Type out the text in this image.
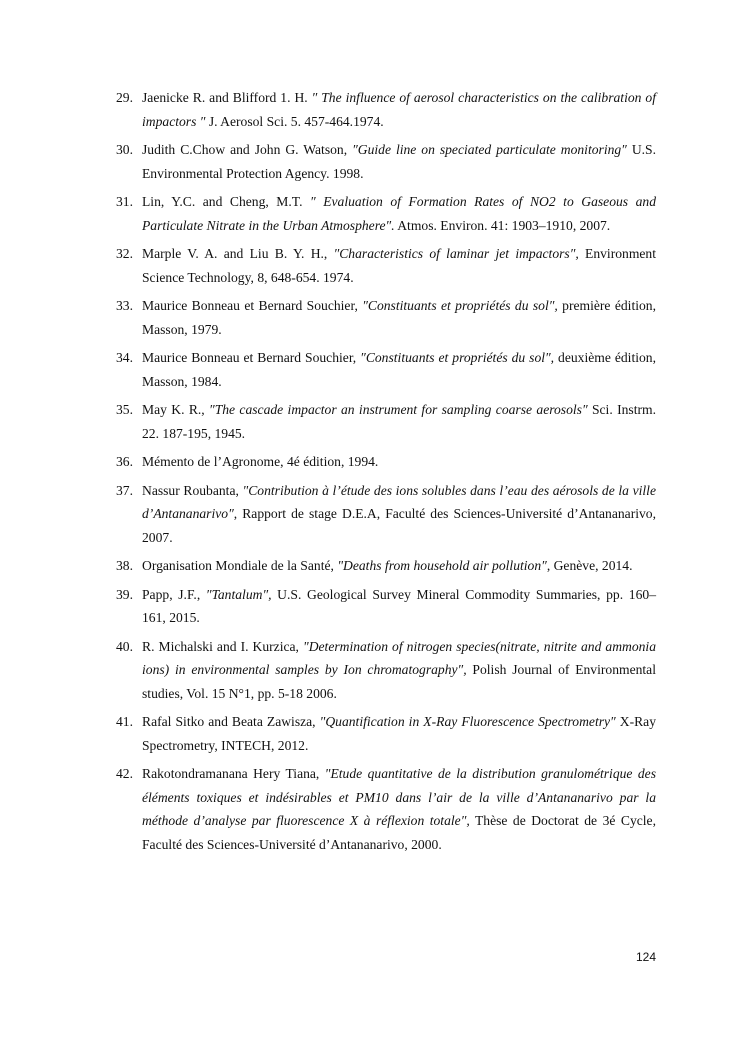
29. Jaenicke R. and Blifford 1. H. ″ The influence of aerosol characteristics on the calibration of impactors ″ J. Aerosol Sci. 5. 457-464.1974.
30. Judith C.Chow and John G. Watson, ″Guide line on speciated particulate monitoring″ U.S. Environmental Protection Agency. 1998.
31. Lin, Y.C. and Cheng, M.T. ″ Evaluation of Formation Rates of NO2 to Gaseous and Particulate Nitrate in the Urban Atmosphere″. Atmos. Environ. 41: 1903–1910, 2007.
32. Marple V. A. and Liu B. Y. H., ″Characteristics of laminar jet impactors″, Environment Science Technology, 8, 648-654. 1974.
33. Maurice Bonneau et Bernard Souchier, ″Constituants et propriétés du sol″, première édition, Masson, 1979.
34. Maurice Bonneau et Bernard Souchier, ″Constituants et propriétés du sol″, deuxième édition, Masson, 1984.
35. May K. R., ″The cascade impactor an instrument for sampling coarse aerosols″ Sci. Instrm. 22. 187-195, 1945.
36. Mémento de l’Agronome, 4é édition, 1994.
37. Nassur Roubanta, "Contribution à l’étude des ions solubles dans l’eau des aérosols de la ville d’Antananarivo″, Rapport de stage D.E.A, Faculté des Sciences-Université d’Antananarivo, 2007.
38. Organisation Mondiale de la Santé, "Deaths from household air pollution″, Genève, 2014.
39. Papp, J.F., ″Tantalum″, U.S. Geological Survey Mineral Commodity Summaries, pp. 160–161, 2015.
40. R. Michalski and I. Kurzica, "Determination of nitrogen species(nitrate, nitrite and ammonia ions) in environmental samples by Ion chromatography″, Polish Journal of Environmental studies, Vol. 15 N°1, pp. 5-18 2006.
41. Rafal Sitko and Beata Zawisza, "Quantification in X-Ray Fluorescence Spectrometry″ X-Ray Spectrometry, INTECH, 2012.
42. Rakotondramanana Hery Tiana, "Etude quantitative de la distribution granulométrique des éléments toxiques et indésirables et PM10 dans l’air de la ville d’Antananarivo par la méthode d’analyse par fluorescence X à réflexion totale″, Thèse de Doctorat de 3é Cycle, Faculté des Sciences-Université d’Antananarivo, 2000.
124
